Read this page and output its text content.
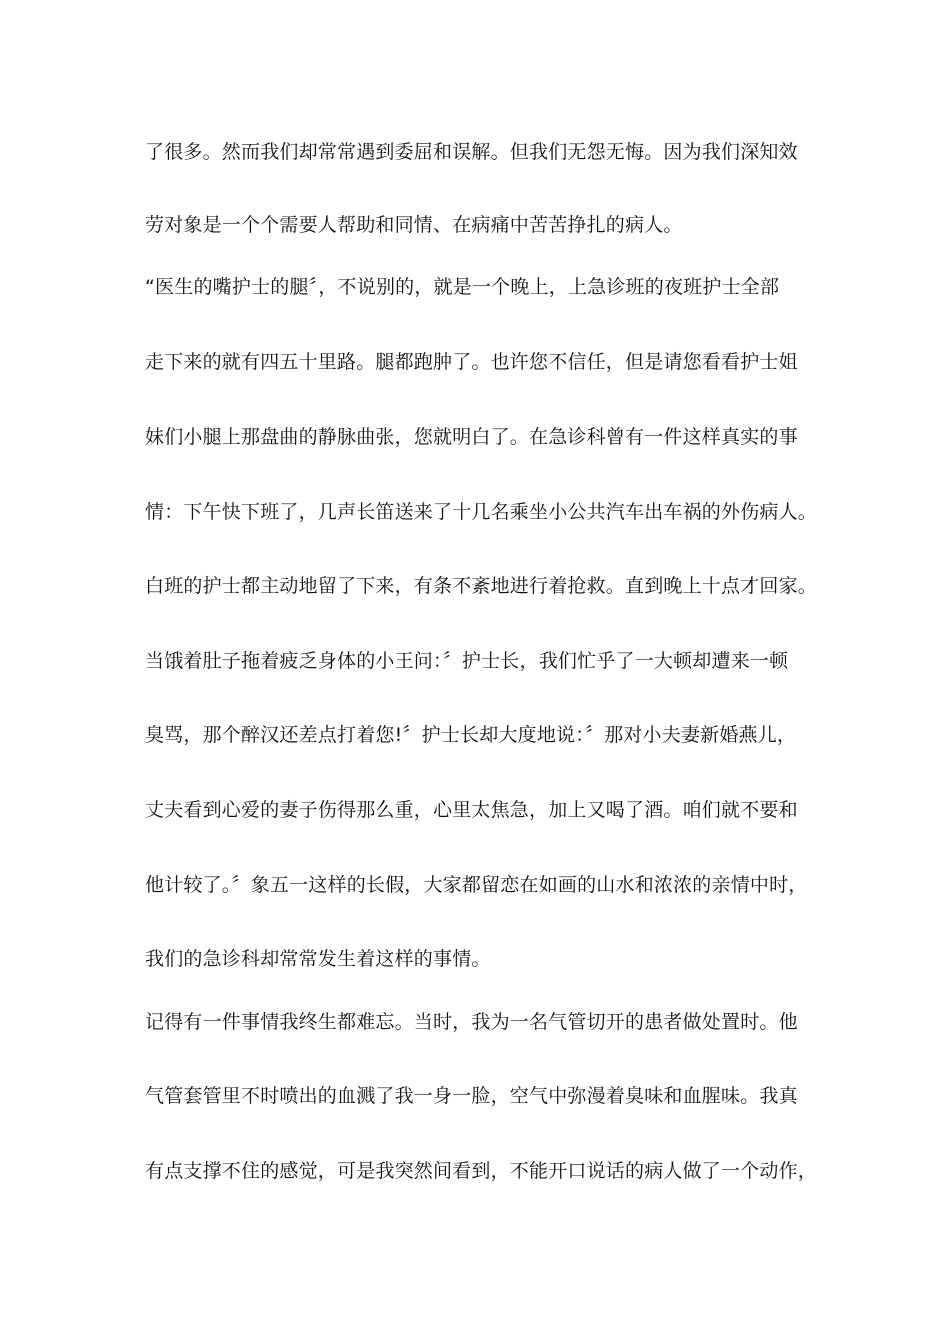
了很多。然而我们却常常遇到委屈和误解。但我们无怨无悔。因为我们深知效
劳对象是一个个需要人帮助和同情、在病痛中苦苦挣扎的病人。
“医生的嘴护士的腿〞，不说别的，就是一个晚上，上急诊班的夜班护士全部
走下来的就有四五十里路。腿都跑肿了。也许您不信任，但是请您看看护士姐
妹们小腿上那盘曲的静脉曲张，您就明白了。在急诊科曾有一件这样真实的事
情：下午快下班了，几声长笛送来了十几名乘坐小公共汽车出车祸的外伤病人。
白班的护士都主动地留了下来，有条不紊地进行着抢救。直到晚上十点才回家。
当饿着肚子拖着疲乏身体的小王问：〞护士长，我们忙乎了一大顿却遭来一顿
臭骂，那个醉汉还差点打着您!〞护士长却大度地说：〞那对小夫妻新婚燕儿，
丈夫看到心爱的妻子伤得那么重，心里太焦急，加上又喝了酒。咱们就不要和
他计较了。〞象五一这样的长假，大家都留恋在如画的山水和浓浓的亲情中时，
我们的急诊科却常常发生着这样的事情。
记得有一件事情我终生都难忘。当时，我为一名气管切开的患者做处置时。他
气管套管里不时喷出的血溅了我一身一脸，空气中弥漫着臭味和血腥味。我真
有点支撑不住的感觉，可是我突然间看到，不能开口说话的病人做了一个动作，
